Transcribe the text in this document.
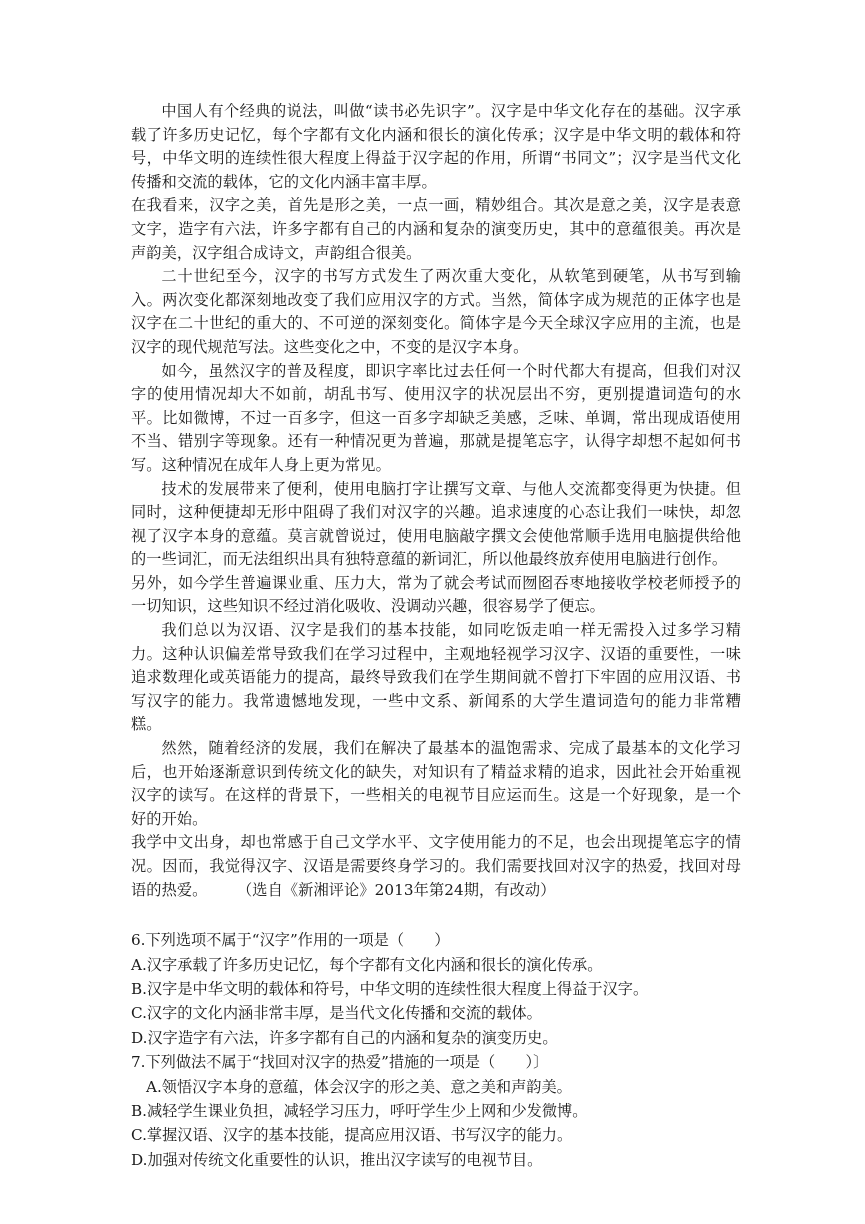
中国人有个经典的说法，叫做“读书必先识字”。汉字是中华文化存在的基础。汉字承载了许多历史记忆，每个字都有文化内涵和很长的演化传承；汉字是中华文明的载体和符号，中华文明的连续性很大程度上得益于汉字起的作用，所谓“书同文”；汉字是当代文化传播和交流的载体，它的文化内涵丰富丰厚。

在我看来，汉字之美，首先是形之美，一点一画，精妙组合。其次是意之美，汉字是表意文字，造字有六法，许多字都有自己的内涵和复杂的演变历史，其中的意蕴很美。再次是声韵美，汉字组合成诗文，声韵组合很美。

二十世纪至今，汉字的书写方式发生了两次重大变化，从软笔到硬笔，从书写到输入。两次变化都深刻地改变了我们应用汉字的方式。当然，简体字成为规范的正体字也是汉字在二十世纪的重大的、不可逆的深刻变化。简体字是今天全球汉字应用的主流，也是汉字的现代规范写法。这些变化之中，不变的是汉字本身。

如今，虽然汉字的普及程度，即识字率比过去任何一个时代都大有提高，但我们对汉字的使用情况却大不如前，胡乱书写、使用汉字的状况层出不穷，更别提遣词造句的水平。比如微博，不过一百多字，但这一百多字却缺乏美感，乏味、单调，常出现成语使用不当、错别字等现象。还有一种情况更为普遍，那就是提笔忘字，认得字却想不起如何书写。这种情况在成年人身上更为常见。

技术的发展带来了便利，使用电脑打字让撰写文章、与他人交流都变得更为快捷。但同时，这种便捷却无形中阻碍了我们对汉字的兴趣。追求速度的心态让我们一味快，却忽视了汉字本身的意蕴。莫言就曾说过，使用电脑敲字撰文会使他常顺手选用电脑提供给他的一些词汇，而无法组织出具有独特意蕴的新词汇，所以他最终放弃使用电脑进行创作。

另外，如今学生普遍课业重、压力大，常为了就会考试而囫囵吞枣地接收学校老师授予的一切知识，这些知识不经过消化吸收、没调动兴趣，很容易学了便忘。

我们总以为汉语、汉字是我们的基本技能，如同吃饭走咱一样无需投入过多学习精力。这种认识偏差常导致我们在学习过程中，主观地轻视学习汉字、汉语的重要性，一味追求数理化或英语能力的提高，最终导致我们在学生期间就不曾打下牢固的应用汉语、书写汉字的能力。我常遗憾地发现，一些中文系、新闻系的大学生遣词造句的能力非常糟糕。

然然，随着经济的发展，我们在解决了最基本的温饱需求、完成了最基本的文化学习后，也开始逐渐意识到传统文化的缺失，对知识有了精益求精的追求，因此社会开始重视汉字的读写。在这样的背景下，一些相关的电视节目应运而生。这是一个好现象，是一个好的开始。

我学中文出身，却也常感于自己文学水平、文字使用能力的不足，也会出现提笔忘字的情况。因而，我觉得汉字、汉语是需要终身学习的。我们需要找回对汉字的热爱，找回对母语的热爱。 （选自《新湘评论》2013年第24期，有改动）

6.下列选项不属于“汉字”作用的一项是（　　）

A.汉字承载了许多历史记忆，每个字都有文化内涵和很长的演化传承。

B.汉字是中华文明的载体和符号，中华文明的连续性很大程度上得益于汉字。

C.汉字的文化内涵非常丰厚，是当代文化传播和交流的载体。

D.汉字造字有六法，许多字都有自己的内涵和复杂的演变历史。

7.下列做法不属于“找回对汉字的热爱”措施的一项是（　　）〕

A.领悟汉字本身的意蕴，体会汉字的形之美、意之美和声韵美。

B.减轻学生课业负担，减轻学习压力，呼吁学生少上网和少发微博。

C.掌握汉语、汉字的基本技能，提高应用汉语、书写汉字的能力。

D.加强对传统文化重要性的认识，推出汉字读写的电视节目。
